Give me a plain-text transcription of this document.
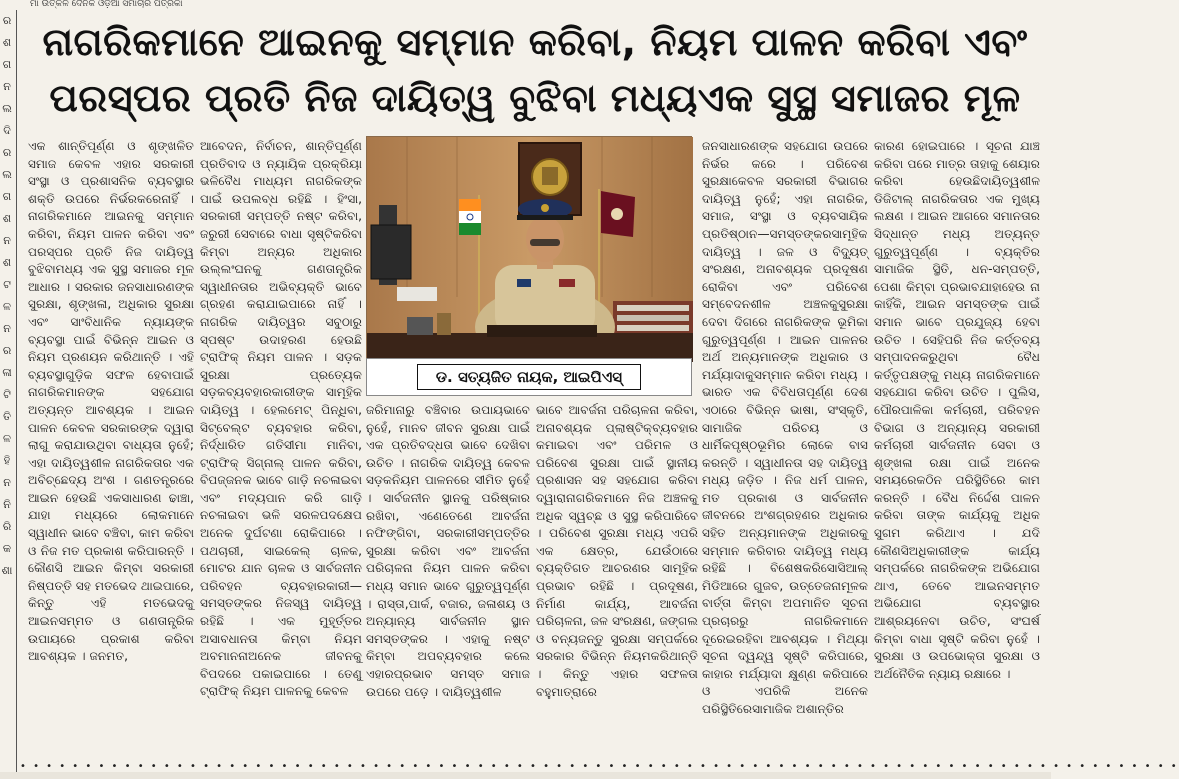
ମାଁ ଉତ୍କଳ ଦୈନିକ ଓଡ଼ିଆ ସମାଚାର ପତ୍ରିକା
ର ଶ ଗ ନ ଲ ଦି ର ଲ ଗ ଶ ନ ଶ ଟ ଳ ନ ର ଳା ଟି ତି ଳ ହି ନ ନି ରି କ ଶା
ନାଗରିକମାନେ ଆଇନକୁ ସମ୍ମାନ କରିବା, ନିୟମ ପାଳନ କରିବା ଏବଂ
ପରସ୍ପର ପ୍ରତି ନିଜ ଦାୟିତ୍ୱ ବୁଝିବା ମଧ୍ୟଏକ ସୁସ୍ଥ ସମାଜର ମୂଳ
ଏକ ଶାନ୍ତିପୂର୍ଣ୍ଣ ଓ ଶୃଙ୍ଖଳିତ ସମାଜ କେବଳ ଏହାର ସରକାରୀ ସଂସ୍ଥା ଓ ପ୍ରଶାସନିକ ବ୍ୟବସ୍ଥାର ଶକ୍ତି ଉପରେ ନିର୍ଭରକରେନାହିଁ । ନାଗରିକମାନେ ଆଇନକୁ ସମ୍ମାନ କରିବା, ନିୟମ ପାଳନ କରିବା ଏବଂ ପରସ୍ପର ପ୍ରତି ନିଜ ଦାୟିତ୍ୱ ବୁଝିବାମଧ୍ୟ ଏକ ସୁସ୍ଥ ସମାଜର ମୂଳ ଆଧାର । ସରକାର ଜନସାଧାରଣଙ୍କ ସୁରକ୍ଷା, ଶୃଙ୍ଖଳା, ଅଧିକାର ସୁରକ୍ଷା ଏବଂ ସାଂବିଧାନିକ ନ୍ୟାୟଙ୍କ ବ୍ୟବସ୍ଥା ପାଇଁ ବିଭିନ୍ନ ଆଇନ ଓ ନିୟମ ପ୍ରଣୟନ କରିଥାନ୍ତି । ଏହି ବ୍ୟବସ୍ଥାଗୁଡ଼ିକ ସଫଳ ହେବାପାଇଁ ନାଗରିକମାନଙ୍କ ସହଯୋଗ ଅତ୍ୟନ୍ତ ଆବଶ୍ୟକ । ଆଇନ ପାଳନ କେବଳ ସରକାରଙ୍କ ଦ୍ୱାରା ଲାଗୁ କରାଯାଉଥିବା ବାଧ୍ୟତା ନୁହେଁ; ଏହା ଦାୟିତ୍ୱଶୀଳ ନାଗରିକତାର ଏକ ଅବିଚ୍ଛେଦ୍ୟ ଅଂଶ । ଗଣତନ୍ତ୍ରରେ ଆଇନ ହେଉଛି ଏକସାଧାରଣ ଢାଞ୍ଚା, ଯାହା ମଧ୍ୟରେ ଲୋକମାନେ ସ୍ୱାଧୀନ ଭାବେ ବଞ୍ଚିବା, କାମ କରିବା ଓ ନିଜ ମତ ପ୍ରକାଶ କରିପାରନ୍ତି । କୌଣସି ଆଇନ କିମ୍ବା ସରକାରୀ ନିଷ୍ପତ୍ତି ସହ ମତଭେଦ ଥାଇପାରେ, କିନ୍ତୁ ଏହି ମତଭେଦକୁ ଆଇନସମ୍ମତ ଓ ଗଣତାନ୍ତ୍ରିକ ଉପାୟରେ ପ୍ରକାଶ କରିବା ଆବଶ୍ୟକ । ଜନମତ,
ଆବେଦନ, ନିର୍ବାଚନ, ଶାନ୍ତିପୂର୍ଣ୍ଣ ପ୍ରତିବାଦ ଓ ନ୍ୟାୟିକ ପ୍ରକ୍ରିୟା ଭଳିବୈଧ ମାଧ୍ୟମ ନାଗରିକଙ୍କ ପାଇଁ ଉପଲବ୍ଧ ରହିଛି । ହିଂସା, ସରକାରୀ ସମ୍ପତ୍ତି ନଷ୍ଟ କରିବା, ଜରୁରୀ ସେବାରେ ବାଧା ସୃଷ୍ଟିକରିବା କିମ୍ବା ଅନ୍ୟର ଅଧିକାର ଉଲ୍ଲଂଘନକୁ ଗଣତାନ୍ତ୍ରିକ ସ୍ୱାଧୀନତାର ଅଭିବ୍ୟକ୍ତି ଭାବେ ଗ୍ରହଣ କରାଯାଇପାରେ ନାହିଁ । ନାଗରିକ ଦାୟିତ୍ୱର ସବୁଠାରୁ ସ୍ପଷ୍ଟ ଉଦାହରଣ ହେଉଛି ଟ୍ରାଫିକ୍ ନିୟମ ପାଳନ । ସଡ଼କ ସୁରକ୍ଷା ପ୍ରତ୍ୟେକ ସଡ଼କବ୍ୟବହାରକାରୀଙ୍କ ସାମୂହିକ ଦାୟିତ୍ୱ । ହେଲମେଟ୍ ପିନ୍ଧିବା, ସିଟ୍‌ବେଲ୍ଟ ବ୍ୟବହାର କରିବା, ନିର୍ଦ୍ଧାରିତ ଗତିସୀମା ମାନିବା, ଟ୍ରାଫିକ୍ ସିଗ୍ନାଲ୍ ପାଳନ କରିବା, ବିପଜ୍ଜନକ ଭାବେ ଗାଡ଼ି ନଚଳାଇବା ଏବଂ ମଦ୍ୟପାନ କରି ଗାଡ଼ି ନଚଳାଇବା ଭଳି ସରଳପଦକ୍ଷେପ ଅନେକ ଦୁର୍ଘଟଣା ରୋକିପାରେ । ପଥଚାରୀ, ସାଇକେଲ୍ ଚାଳକ, ମୋଟର ଯାନ ଚାଳକ ଓ ସାର୍ବଜନୀନ ପରିବହନ ବ୍ୟବହାରକାରୀ—ସମସ୍ତଙ୍କର ନିଜସ୍ୱ ଦାୟିତ୍ୱ ରହିଛି । ଏକ ମୁହୂର୍ତ୍ତର ଅସାବଧାନତା କିମ୍ବା ନିୟମ ଅବମାନନାଅନେକ ଜୀବନକୁ ବିପଦରେ ପକାଇପାରେ । ତେଣୁ ଟ୍ରାଫିକ୍ ନିୟମ ପାଳନକୁ କେବଳ
ଡ. ସତ୍ୟଜିତ ନାୟକ, ଆଇପିଏସ୍
ଜରିମାନାରୁ ବଞ୍ଚିବାର ଉପାୟଭାବେ ନୁହେଁ, ମାନବ ଜୀବନ ସୁରକ୍ଷା ପାଇଁ ଏକ ପ୍ରତିବଦ୍ଧତା ଭାବେ ଦେଖିବା ଉଚିତ । ନାଗରିକ ଦାୟିତ୍ୱ କେବଳ ସଡ଼କନିୟମ ପାଳନରେ ସୀମିତ ନୁହେଁ । ସାର୍ବଜନୀନ ସ୍ଥାନକୁ ପରିଷ୍କାର ରଖିବା, ଏଣେତେଣେ ଆବର୍ଜନା ନଫିଙ୍ଗିବା, ସରକାରୀସମ୍ପତ୍ତିର ସୁରକ୍ଷା କରିବା ଏବଂ ଆବର୍ଜନା ପରିଚାଳନା ନିୟମ ପାଳନ କରିବା ମଧ୍ୟ ସମାନ ଭାବେ ଗୁରୁତ୍ୱପୂର୍ଣ୍ଣ । ରାସ୍ତା,ପାର୍କ, ବଜାର, ଜଳାଶୟ ଓ ଅନ୍ୟାନ୍ୟ ସାର୍ବଜନୀନ ସ୍ଥାନ ସମସ୍ତଙ୍କର । ଏହାକୁ ନଷ୍ଟ କିମ୍ବା ଅପବ୍ୟବହାର କଲେ ଏହାରପ୍ରଭାବ ସମସ୍ତ ସମାଜ ଉପରେ ପଡ଼େ । ଦାୟିତ୍ୱଶୀଳ
ଭାବେ ଆବର୍ଜନା ପରିଚାଳନା କରିବା, ଅନାବଶ୍ୟକ ପ୍ଲାଷ୍ଟିକ୍‌ବ୍ୟବହାର କମାଇବା ଏବଂ ପରିମଳ ଓ ପରିବେଶ ସୁରକ୍ଷା ପାଇଁ ସ୍ଥାନୀୟ ପ୍ରଶାସନ ସହ ସହଯୋଗ କରିବା ଦ୍ୱାରାନାଗରିକମାନେ ନିଜ ଅଞ୍ଚଳକୁ ଅଧିକ ସ୍ୱଚ୍ଛ ଓ ସୁସ୍ଥ କରିପାରିବେ । ପରିବେଶ ସୁରକ୍ଷା ମଧ୍ୟ ଏପରି ଏକ କ୍ଷେତ୍ର, ଯେଉଁଠାରେ ବ୍ୟକ୍ତିଗତ ଆଚରଣର ସାମୂହିକ ପ୍ରଭାବ ରହିଛି । ପ୍ରଦୂଷଣ, ନିର୍ମାଣ କାର୍ଯ୍ୟ, ଆବର୍ଜନା ପରିଚାଳନା, ଜଳ ସଂରକ୍ଷଣ, ଜଙ୍ଗଲ ଓ ବନ୍ୟଜନ୍ତୁ ସୁରକ୍ଷା ସମ୍ପର୍କରେ ସରକାର ବିଭିନ୍ନ ନିୟମକରିଥାନ୍ତି । କିନ୍ତୁ ଏହାର ସଫଳତା ବହୁମାତ୍ରାରେ
ଜନସାଧାରଣଙ୍କ ସହଯୋଗ ଉପରେ ନିର୍ଭର କରେ । ପରିବେଶ ସୁରକ୍ଷାକେବଳ ସରକାରୀ ବିଭାଗର ଦାୟିତ୍ୱ ନୁହେଁ; ଏହା ନାଗରିକ, ସମାଜ, ସଂସ୍ଥା ଓ ବ୍ୟବସାୟିକ ପ୍ରତିଷ୍ଠାନ—ସମସ୍ତଙ୍କରସାମୂହିକ ଦାୟିତ୍ୱ । ଜଳ ଓ ବିଦ୍ୟୁତ୍ ସଂରକ୍ଷଣ, ଅନାବଶ୍ୟକ ପ୍ରଦୂଷଣ ରୋକିବା ଏବଂ ପରିବେଶ ସମ୍ବେଦନଶୀଳ ଅଞ୍ଚଳକୁସୁରକ୍ଷା ଦେବା ଦିଗରେ ନାଗରିକଙ୍କ ଭୂମିକା ଗୁରୁତ୍ୱପୂର୍ଣ୍ଣ । ଆଇନ ପାଳନର ଅର୍ଥ ଅନ୍ୟମାନଙ୍କ ଅଧିକାର ଓ ମର୍ଯ୍ୟାଦାକୁସମ୍ମାନ କରିବା ମଧ୍ୟ । ଭାରତ ଏକ ବିବିଧତାପୂର୍ଣ୍ଣ ଦେଶ ଏଠାରେ ବିଭିନ୍ନ ଭାଷା, ସଂସ୍କୃତି, ସାମାଜିକ ପରିଚୟ ଓ ଧାର୍ମିକପୃଷ୍ଠଭୂମିର ଲୋକେ ବାସ କରନ୍ତି । ସ୍ୱାଧୀନତା ସହ ଦାୟିତ୍ୱ ମଧ୍ୟ ଜଡ଼ିତ । ନିଜ ଧର୍ମ ପାଳନ, ମତ ପ୍ରକାଶ ଓ ସାର୍ବଜନୀନ ଜୀବନରେ ଅଂଶଗ୍ରହଣର ଅଧିକାର ସହିତ ଅନ୍ୟମାନଙ୍କ ଅଧିକାରକୁ ସମ୍ମାନ କରିବାର ଦାୟିତ୍ୱ ମଧ୍ୟ ରହିଛି । ବିଶେଷକରିସୋସିଆଲ୍ ମିଡିଆରେ ଗୁଜବ, ଉତ୍ତେଜନାମୂଳକ ବାର୍ତ୍ତା କିମ୍ବା ଅପମାନିତ ସୂଚନା ପ୍ରଚାରରୁ ନାଗରିକମାନେ ଦୂରେଇରହିବା ଆବଶ୍ୟକ । ମିଥ୍ୟା ସୂଚନା ଦ୍ୱନ୍ଦ୍ୱ ସୃଷ୍ଟି କରିପାରେ, କାହାର ମର୍ଯ୍ୟାଦା କ୍ଷୁଣ୍ଣ କରିପାରେ ଓ ଏପରିକି ଅନେକ ପରିସ୍ଥିତିରେସାମାଜିକ ଅଶାନ୍ତିର
କାରଣ ହୋଇପାରେ । ସୂଚନା ଯାଞ୍ଚ କରିବା ପରେ ମାତ୍ର ତାହାକୁ ଶେୟାର କରିବା ହେଉଛିଦାୟିତ୍ୱଶୀଳ ଡିଜିଟାଲ୍ ନାଗରିକତାର ଏକ ମୁଖ୍ୟ ଲକ୍ଷଣ । ଆଇନ ଆଗରେ ସମାନତାର ସିଦ୍ଧାନ୍ତ ମଧ୍ୟ ଅତ୍ୟନ୍ତ ଗୁରୁତ୍ୱପୂର୍ଣ୍ଣ । ବ୍ୟକ୍ତିର ସାମାଜିକ ସ୍ଥିତି, ଧନ-ସମ୍ପତ୍ତି, ପେଶା କିମ୍ବା ପ୍ରଭାବଯାହାହେଉ ନା କାହିଁକି, ଆଇନ ସମସ୍ତଙ୍କ ପାଇଁ ସମାନ ଭାବେ ପ୍ରଯୁଜ୍ୟ ହେବା ଉଚିତ । ସେହିପରି ନିଜ କର୍ତ୍ତବ୍ୟ ସମ୍ପାଦନକରୁଥିବା ବୈଧ କର୍ତ୍ତୃପକ୍ଷଙ୍କୁ ମଧ୍ୟ ନାଗରିକମାନେ ସହଯୋଗ କରିବା ଉଚିତ । ପୁଲିସ, ପୌରପାଳିକା କର୍ମଚାରୀ, ପରିବହନ ବିଭାଗ ଓ ଅନ୍ୟାନ୍ୟ ସରକାରୀ କର୍ମଚାରୀ ସାର୍ବଜନୀନ ସେବା ଓ ଶୃଙ୍ଖଳା ରକ୍ଷା ପାଇଁ ଅନେକ ସମୟରେକଠିନ ପରିସ୍ଥିତିରେ କାମ କରନ୍ତି । ବୈଧ ନିର୍ଦ୍ଦେଶ ପାଳନ କରିବା ତାଙ୍କ କାର୍ଯ୍ୟକୁ ଅଧିକ ସୁଗମ କରିଥାଏ । ଯଦି କୌଣସିଅଧିକାରୀଙ୍କ କାର୍ଯ୍ୟ ସମ୍ପର୍କରେ ନାଗରିକଙ୍କ ଅଭିଯୋଗ ଥାଏ, ତେବେ ଆଇନସମ୍ମତ ଅଭିଯୋଗ ବ୍ୟବସ୍ଥାର ଆଶ୍ରୟନେବା ଉଚିତ, ସଂଘର୍ଷ କିମ୍ବା ବାଧା ସୃଷ୍ଟି କରିବା ନୁହେଁ । ସୁରକ୍ଷା ଓ ଉପଭୋକ୍ତା ସୁରକ୍ଷା ଓ ଅର୍ଥନୈତିକ ନ୍ୟାୟ ରକ୍ଷାରେ ।
• • • • • • • • • • • • • • • • • • • • • • • • • • • • • • • • • • • • • • • • • • • • • • • • • • • • • • • • • • • • • • • • • • • • • • • • • • • • • • • • • • • • • • • • •
